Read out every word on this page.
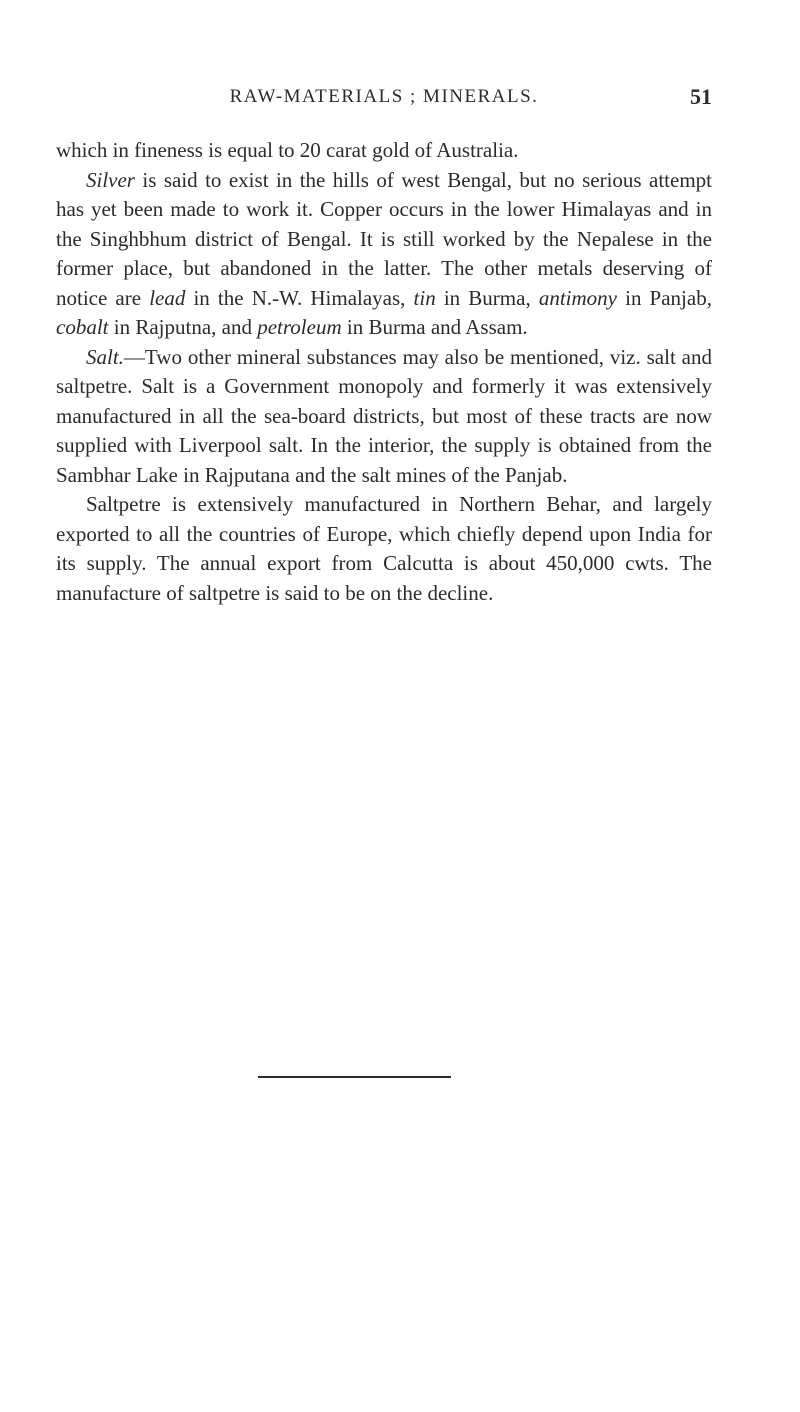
RAW-MATERIALS ; MINERALS.	51

which in fineness is equal to 20 carat gold of Australia.

Silver is said to exist in the hills of west Bengal, but no serious attempt has yet been made to work it. Copper occurs in the lower Himalayas and in the Singhbhum district of Bengal. It is still worked by the Nepalese in the former place, but abandoned in the latter. The other metals deserving of notice are lead in the N.-W. Himalayas, tin in Burma, antimony in Panjab, cobalt in Rajputna, and petroleum in Burma and Assam.

Salt.—Two other mineral substances may also be mentioned, viz. salt and saltpetre. Salt is a Government monopoly and formerly it was extensively manufactured in all the sea-board districts, but most of these tracts are now supplied with Liverpool salt. In the interior, the supply is obtained from the Sambhar Lake in Rajputana and the salt mines of the Panjab.

Saltpetre is extensively manufactured in Northern Behar, and largely exported to all the countries of Europe, which chiefly depend upon India for its supply. The annual export from Calcutta is about 450,000 cwts. The manufacture of saltpetre is said to be on the decline.
